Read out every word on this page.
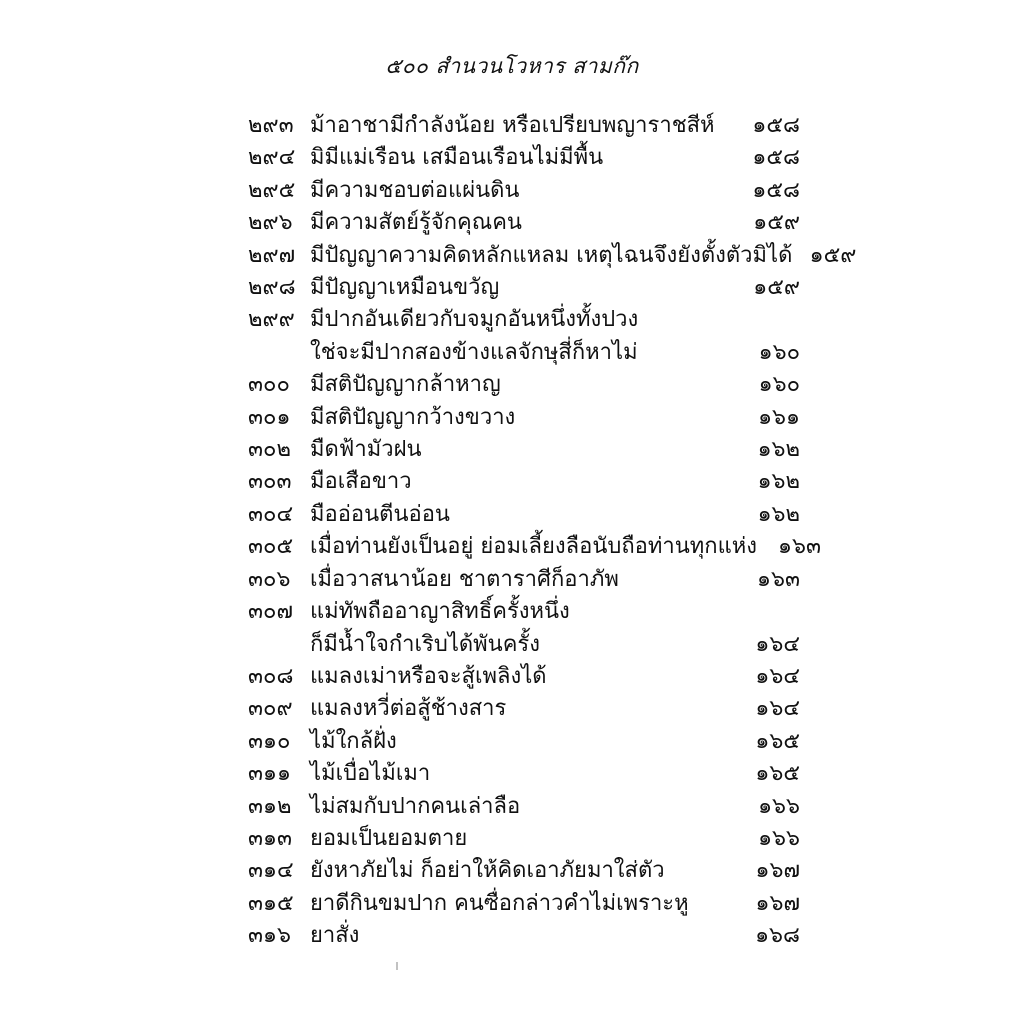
๕๐๐ สำนวนโวหาร สามก๊ก
๒๙๓ ม้าอาชามีกำลังน้อย หรือเปรียบพญาราชสีห์	๑๕๘
๒๙๔ มิมีแม่เรือน เสมือนเรือนไม่มีพื้น	๑๕๘
๒๙๕ มีความชอบต่อแผ่นดิน	๑๕๘
๒๙๖ มีความสัตย์รู้จักคุณคน	๑๕๙
๒๙๗ มีปัญญาความคิดหลักแหลม เหตุไฉนจึงยังตั้งตัวมิได้ ๑๕๙
๒๙๘ มีปัญญาเหมือนขวัญ	๑๕๙
๒๙๙ มีปากอันเดียวกับจมูกอันหนึ่งทั้งปวง
ใช่จะมีปากสองข้างแลจักษุสี่ก็หาไม่	๑๖๐
๓๐๐ มีสติปัญญากล้าหาญ	๑๖๐
๓๐๑ มีสติปัญญากว้างขวาง	๑๖๑
๓๐๒ มืดฟ้ามัวฝน	๑๖๒
๓๐๓ มือเสือขาว	๑๖๒
๓๐๔ มืออ่อนตีนอ่อน	๑๖๒
๓๐๕ เมื่อท่านยังเป็นอยู่ ย่อมเลี้ยงลือนับถือท่านทุกแห่ง ๑๖๓
๓๐๖ เมื่อวาสนาน้อย ชาตาราศีก็อาภัพ	๑๖๓
๓๐๗ แม่ทัพถืออาญาสิทธิ์ครั้งหนึ่ง
ก็มีน้ำใจกำเริบได้พันครั้ง	๑๖๔
๓๐๘ แมลงเม่าหรือจะสู้เพลิงได้	๑๖๔
๓๐๙ แมลงหวี่ต่อสู้ช้างสาร	๑๖๔
๓๑๐ ไม้ใกล้ฝั่ง	๑๖๕
๓๑๑ ไม้เบื่อไม้เมา	๑๖๕
๓๑๒ ไม่สมกับปากคนเล่าลือ	๑๖๖
๓๑๓ ยอมเป็นยอมตาย	๑๖๖
๓๑๔ ยังหาภัยไม่ ก็อย่าให้คิดเอาภัยมาใส่ตัว	๑๖๗
๓๑๕ ยาดีกินขมปาก คนซื่อกล่าวคำไม่เพราะหู	๑๖๗
๓๑๖ ยาสั่ง	๑๖๘
